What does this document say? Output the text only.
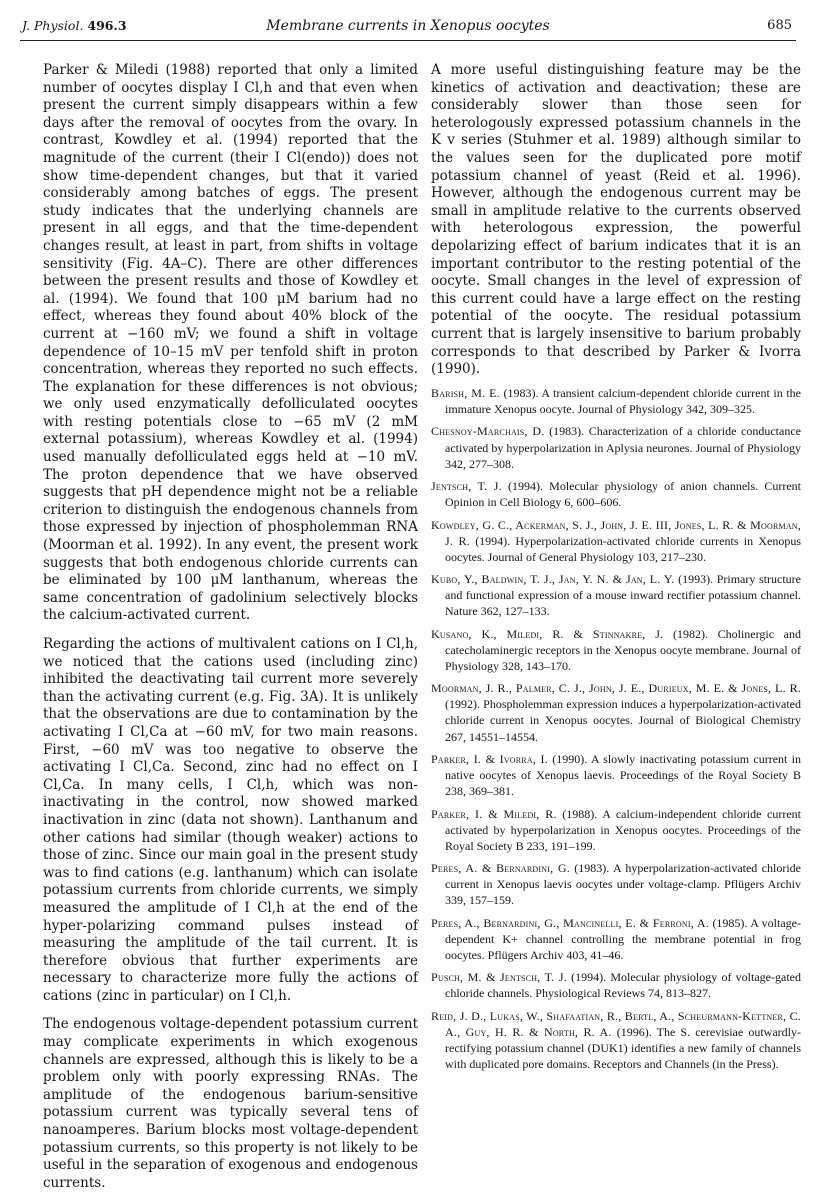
J. Physiol. 496.3	Membrane currents in Xenopus oocytes	685

Parker & Miledi (1988) reported that only a limited number of oocytes display I Cl,h and that even when present the current simply disappears within a few days after the removal of oocytes from the ovary. In contrast, Kowdley et al. (1994) reported that the magnitude of the current (their I Cl(endo)) does not show time-dependent changes, but that it varied considerably among batches of eggs. The present study indicates that the underlying channels are present in all eggs, and that the time-dependent changes result, at least in part, from shifts in voltage sensitivity (Fig. 4A–C). There are other differences between the present results and those of Kowdley et al. (1994). We found that 100 μM barium had no effect, whereas they found about 40% block of the current at −160 mV; we found a shift in voltage dependence of 10–15 mV per tenfold shift in proton concentration, whereas they reported no such effects. The explanation for these differences is not obvious; we only used enzymatically defolliculated oocytes with resting potentials close to −65 mV (2 mM external potassium), whereas Kowdley et al. (1994) used manually defolliculated eggs held at −10 mV. The proton dependence that we have observed suggests that pH dependence might not be a reliable criterion to distinguish the endogenous channels from those expressed by injection of phospholemman RNA (Moorman et al. 1992). In any event, the present work suggests that both endogenous chloride currents can be eliminated by 100 μM lanthanum, whereas the same concentration of gadolinium selectively blocks the calcium-activated current.

Regarding the actions of multivalent cations on I Cl,h, we noticed that the cations used (including zinc) inhibited the deactivating tail current more severely than the activating current (e.g. Fig. 3A). It is unlikely that the observations are due to contamination by the activating I Cl,Ca at −60 mV, for two main reasons. First, −60 mV was too negative to observe the activating I Cl,Ca. Second, zinc had no effect on I Cl,Ca. In many cells, I Cl,h, which was non-inactivating in the control, now showed marked inactivation in zinc (data not shown). Lanthanum and other cations had similar (though weaker) actions to those of zinc. Since our main goal in the present study was to find cations (e.g. lanthanum) which can isolate potassium currents from chloride currents, we simply measured the amplitude of I Cl,h at the end of the hyper-polarizing command pulses instead of measuring the amplitude of the tail current. It is therefore obvious that further experiments are necessary to characterize more fully the actions of cations (zinc in particular) on I Cl,h.

The endogenous voltage-dependent potassium current may complicate experiments in which exogenous channels are expressed, although this is likely to be a problem only with poorly expressing RNAs. The amplitude of the endogenous barium-sensitive potassium current was typically several tens of nanoamperes. Barium blocks most voltage-dependent potassium currents, so this property is not likely to be useful in the separation of exogenous and endogenous currents.

A more useful distinguishing feature may be the kinetics of activation and deactivation; these are considerably slower than those seen for heterologously expressed potassium channels in the K v series (Stuhmer et al. 1989) although similar to the values seen for the duplicated pore motif potassium channel of yeast (Reid et al. 1996). However, although the endogenous current may be small in amplitude relative to the currents observed with heterologous expression, the powerful depolarizing effect of barium indicates that it is an important contributor to the resting potential of the oocyte. Small changes in the level of expression of this current could have a large effect on the resting potential of the oocyte. The residual potassium current that is largely insensitive to barium probably corresponds to that described by Parker & Ivorra (1990).

Barish, M. E. (1983). A transient calcium-dependent chloride current in the immature Xenopus oocyte. Journal of Physiology 342, 309–325.

Chesnoy-Marchais, D. (1983). Characterization of a chloride conductance activated by hyperpolarization in Aplysia neurones. Journal of Physiology 342, 277–308.

Jentsch, T. J. (1994). Molecular physiology of anion channels. Current Opinion in Cell Biology 6, 600–606.

Kowdley, G. C., Ackerman, S. J., John, J. E. III, Jones, L. R. & Moorman, J. R. (1994). Hyperpolarization-activated chloride currents in Xenopus oocytes. Journal of General Physiology 103, 217–230.

Kubo, Y., Baldwin, T. J., Jan, Y. N. & Jan, L. Y. (1993). Primary structure and functional expression of a mouse inward rectifier potassium channel. Nature 362, 127–133.

Kusano, K., Miledi, R. & Stinnakre, J. (1982). Cholinergic and catecholaminergic receptors in the Xenopus oocyte membrane. Journal of Physiology 328, 143–170.

Moorman, J. R., Palmer, C. J., John, J. E., Durieux, M. E. & Jones, L. R. (1992). Phospholemman expression induces a hyperpolarization-activated chloride current in Xenopus oocytes. Journal of Biological Chemistry 267, 14551–14554.

Parker, I. & Ivorra, I. (1990). A slowly inactivating potassium current in native oocytes of Xenopus laevis. Proceedings of the Royal Society B 238, 369–381.

Parker, I. & Miledi, R. (1988). A calcium-independent chloride current activated by hyperpolarization in Xenopus oocytes. Proceedings of the Royal Society B 233, 191–199.

Peres, A. & Bernardini, G. (1983). A hyperpolarization-activated chloride current in Xenopus laevis oocytes under voltage-clamp. Pflügers Archiv 339, 157–159.

Peres, A., Bernardini, G., Mancinelli, E. & Ferroni, A. (1985). A voltage-dependent K+ channel controlling the membrane potential in frog oocytes. Pflügers Archiv 403, 41–46.

Pusch, M. & Jentsch, T. J. (1994). Molecular physiology of voltage-gated chloride channels. Physiological Reviews 74, 813–827.

Reid, J. D., Lukas, W., Shafaatian, R., Bertl, A., Scheurmann-Kettner, C. A., Guy, H. R. & North, R. A. (1996). The S. cerevisiae outwardly-rectifying potassium channel (DUK1) identifies a new family of channels with duplicated pore domains. Receptors and Channels (in the Press).
